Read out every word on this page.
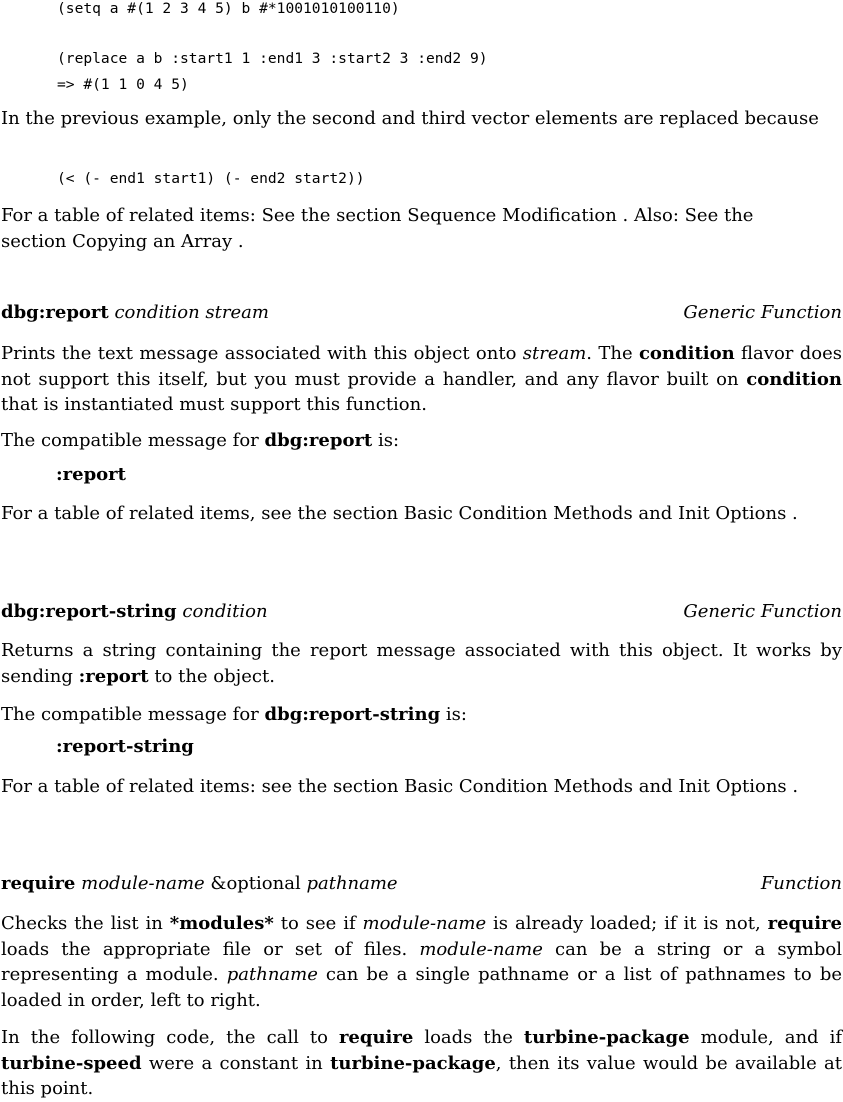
(setq a #(1 2 3 4 5) b #*1001010100110)
(replace a b :start1 1 :end1 3 :start2 3 :end2 9)
=> #(1 1 0 4 5)
In the previous example, only the second and third vector elements are replaced because
(< (- end1 start1) (- end2 start2))
For a table of related items: See the section Sequence Modification . Also: See the
section Copying an Array .
dbg:report condition stream	Generic Function
Prints the text message associated with this object onto stream. The condition flavor does not support this itself, but you must provide a handler, and any flavor built on condition that is instantiated must support this function.
The compatible message for dbg:report is:
:report
For a table of related items, see the section Basic Condition Methods and Init Options .
dbg:report-string condition	Generic Function
Returns a string containing the report message associated with this object. It works by sending :report to the object.
The compatible message for dbg:report-string is:
:report-string
For a table of related items: see the section Basic Condition Methods and Init Options .
require module-name &optional pathname	Function
Checks the list in *modules* to see if module-name is already loaded; if it is not, require loads the appropriate file or set of files. module-name can be a string or a symbol representing a module. pathname can be a single pathname or a list of pathnames to be loaded in order, left to right.
In the following code, the call to require loads the turbine-package module, and if turbine-speed were a constant in turbine-package, then its value would be available at this point.
